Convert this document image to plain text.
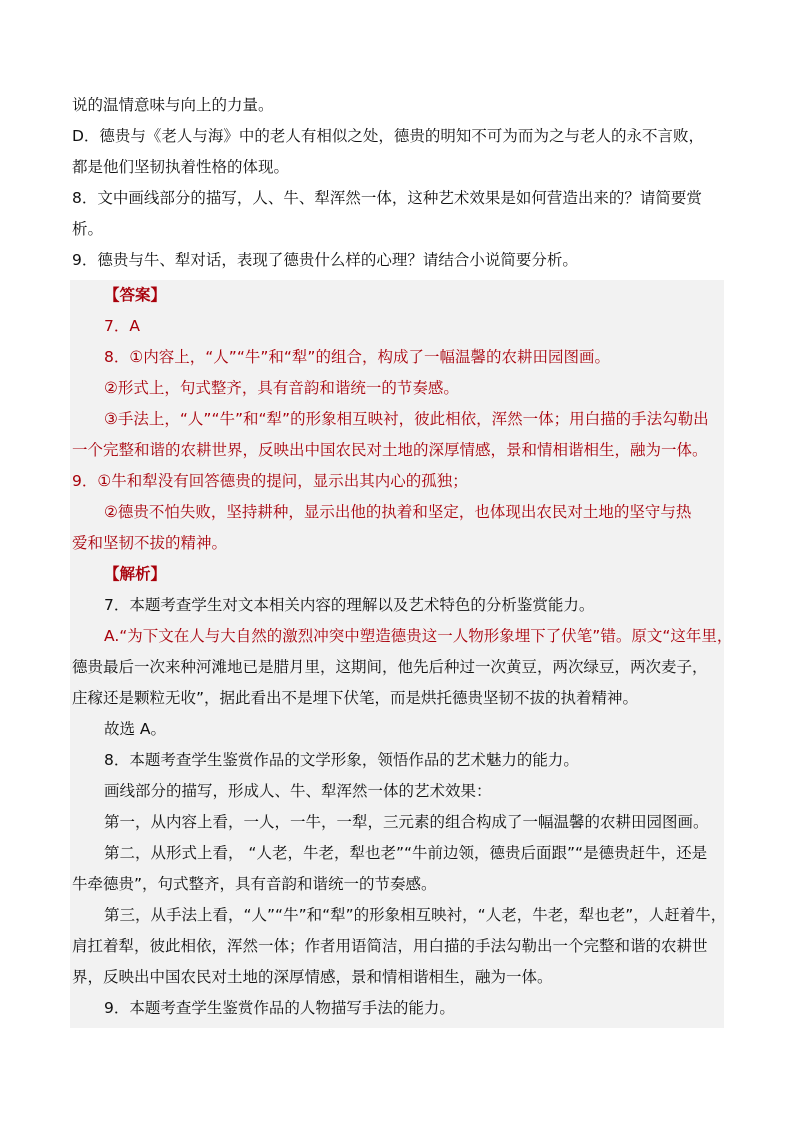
说的温情意味与向上的力量。
D．德贵与《老人与海》中的老人有相似之处，德贵的明知不可为而为之与老人的永不言败，
都是他们坚韧执着性格的体现。
8．文中画线部分的描写，人、牛、犁浑然一体，这种艺术效果是如何营造出来的？请简要赏
析。
9．德贵与牛、犁对话，表现了德贵什么样的心理？请结合小说简要分析。
【答案】
7．A
8．①内容上，“人”“牛”和“犁”的组合，构成了一幅温馨的农耕田园图画。
②形式上，句式整齐，具有音韵和谐统一的节奏感。
③手法上，“人”“牛”和“犁”的形象相互映衬，彼此相依，浑然一体；用白描的手法勾勒出
一个完整和谐的农耕世界，反映出中国农民对土地的深厚情感，景和情相谐相生，融为一体。
9．①牛和犁没有回答德贵的提问，显示出其内心的孤独；
②德贵不怕失败，坚持耕种，显示出他的执着和坚定，也体现出农民对土地的坚守与热
爱和坚韧不拔的精神。
【解析】
7．本题考查学生对文本相关内容的理解以及艺术特色的分析鉴赏能力。
A.“为下文在人与大自然的激烈冲突中塑造德贵这一人物形象埋下了伏笔”错。原文“这年里，
德贵最后一次来种河滩地已是腊月里，这期间，他先后种过一次黄豆，两次绿豆，两次麦子，
庄稼还是颗粒无收”，据此看出不是埋下伏笔，而是烘托德贵坚韧不拔的执着精神。
故选 A。
8．本题考查学生鉴赏作品的文学形象，领悟作品的艺术魅力的能力。
画线部分的描写，形成人、牛、犁浑然一体的艺术效果：
第一，从内容上看，一人，一牛，一犁，三元素的组合构成了一幅温馨的农耕田园图画。
第二，从形式上看， “人老，牛老，犁也老”“牛前边领，德贵后面跟”“是德贵赶牛，还是
牛牵德贵”，句式整齐，具有音韵和谐统一的节奏感。
第三，从手法上看，“人”“牛”和“犁”的形象相互映衬，“人老，牛老，犁也老”，人赶着牛，
肩扛着犁，彼此相依，浑然一体；作者用语简洁，用白描的手法勾勒出一个完整和谐的农耕世
界，反映出中国农民对土地的深厚情感，景和情相谐相生，融为一体。
9．本题考查学生鉴赏作品的人物描写手法的能力。
